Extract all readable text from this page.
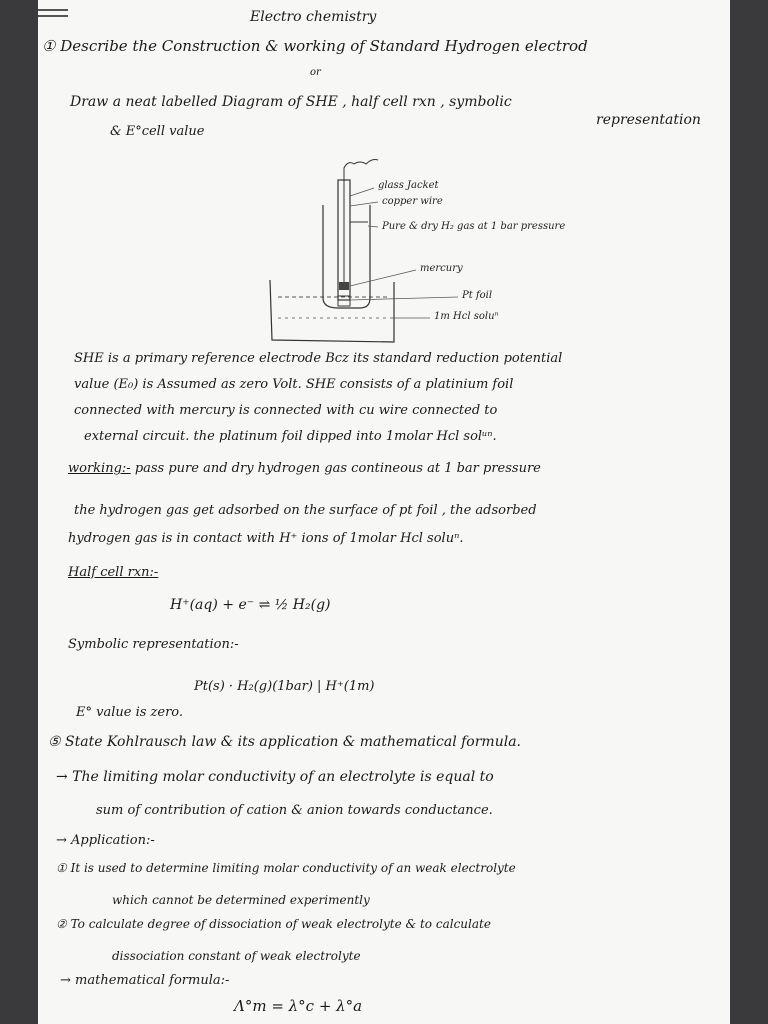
Electro chemistry
① Describe the Construction & working of Standard Hydrogen electrod
or
Draw a neat labelled Diagram of SHE , half cell rxn , symbolic
representation
& E°cell value
glass Jacket
copper wire
Pure & dry H₂ gas at 1 bar pressure
mercury
Pt foil
1m Hcl soluⁿ
SHE is a primary reference electrode Bcz its standard reduction potential
value (E₀) is Assumed as zero Volt. SHE consists of a platinium foil
connected with mercury is connected with cu wire connected to
external circuit. the platinum foil dipped into 1molar Hcl solᵘⁿ.
working:- pass pure and dry hydrogen gas contineous at 1 bar pressure
the hydrogen gas get adsorbed on the surface of pt foil , the adsorbed
hydrogen gas is in contact with H⁺ ions of 1molar Hcl soluⁿ.
Half cell rxn:-
H⁺(aq) + e⁻ ⇌ ½ H₂(g)
Symbolic representation:-
Pt(s) · H₂(g)(1bar) | H⁺(1m)
E° value is zero.
⑤ State Kohlrausch law & its application & mathematical formula.
→ The limiting molar conductivity of an electrolyte is equal to
sum of contribution of cation & anion towards conductance.
→ Application:-
① It is used to determine limiting molar conductivity of an weak electrolyte
which cannot be determined experimently
② To calculate degree of dissociation of weak electrolyte & to calculate
dissociation constant of weak electrolyte
→ mathematical formula:-
Λ°m = λ°c + λ°a
